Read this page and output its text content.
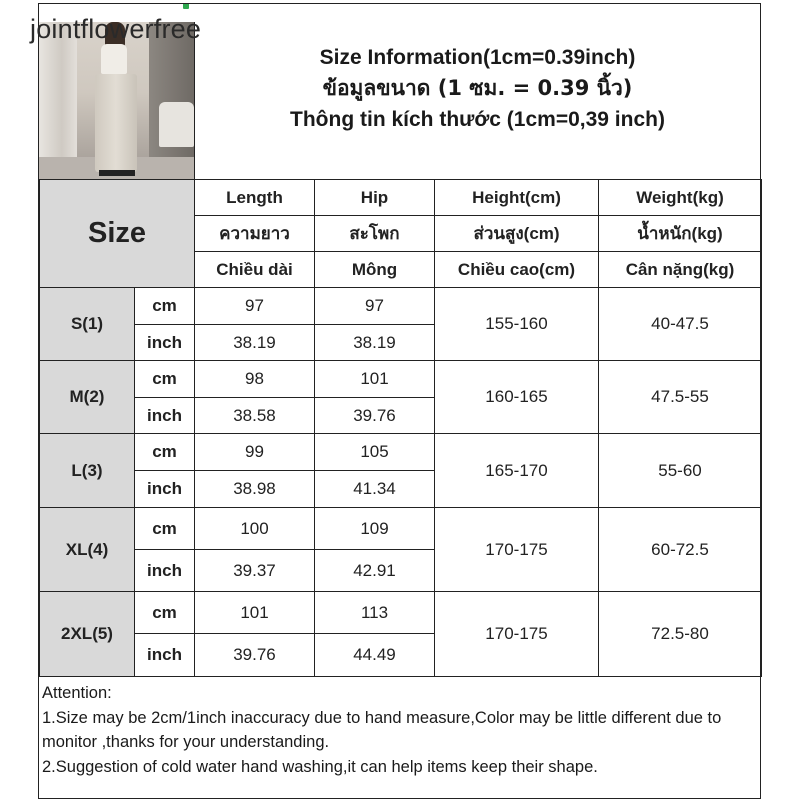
jointflowerfree
Size Information(1cm=0.39inch)
ข้อมูลขนาด (1 ซม. = 0.39 นิ้ว)
Thông tin kích thước (1cm=0,39 inch)
Size		Length	Hip	Height(cm)	Weight(kg)
		ความยาว	สะโพก	ส่วนสูง(cm)	น้ำหนัก(kg)
		Chiều dài	Mông	Chiều cao(cm)	Cân nặng(kg)
S(1)	cm	97	97	155-160	40-47.5
	inch	38.19	38.19		
M(2)	cm	98	101	160-165	47.5-55
	inch	38.58	39.76		
L(3)	cm	99	105	165-170	55-60
	inch	38.98	41.34		
XL(4)	cm	100	109	170-175	60-72.5
	inch	39.37	42.91		
2XL(5)	cm	101	113	170-175	72.5-80
	inch	39.76	44.49		
Attention:
1.Size may be 2cm/1inch inaccuracy due to hand measure,Color may be little different due to monitor ,thanks for your understanding.
2.Suggestion of cold water hand washing,it can help items keep their shape.
